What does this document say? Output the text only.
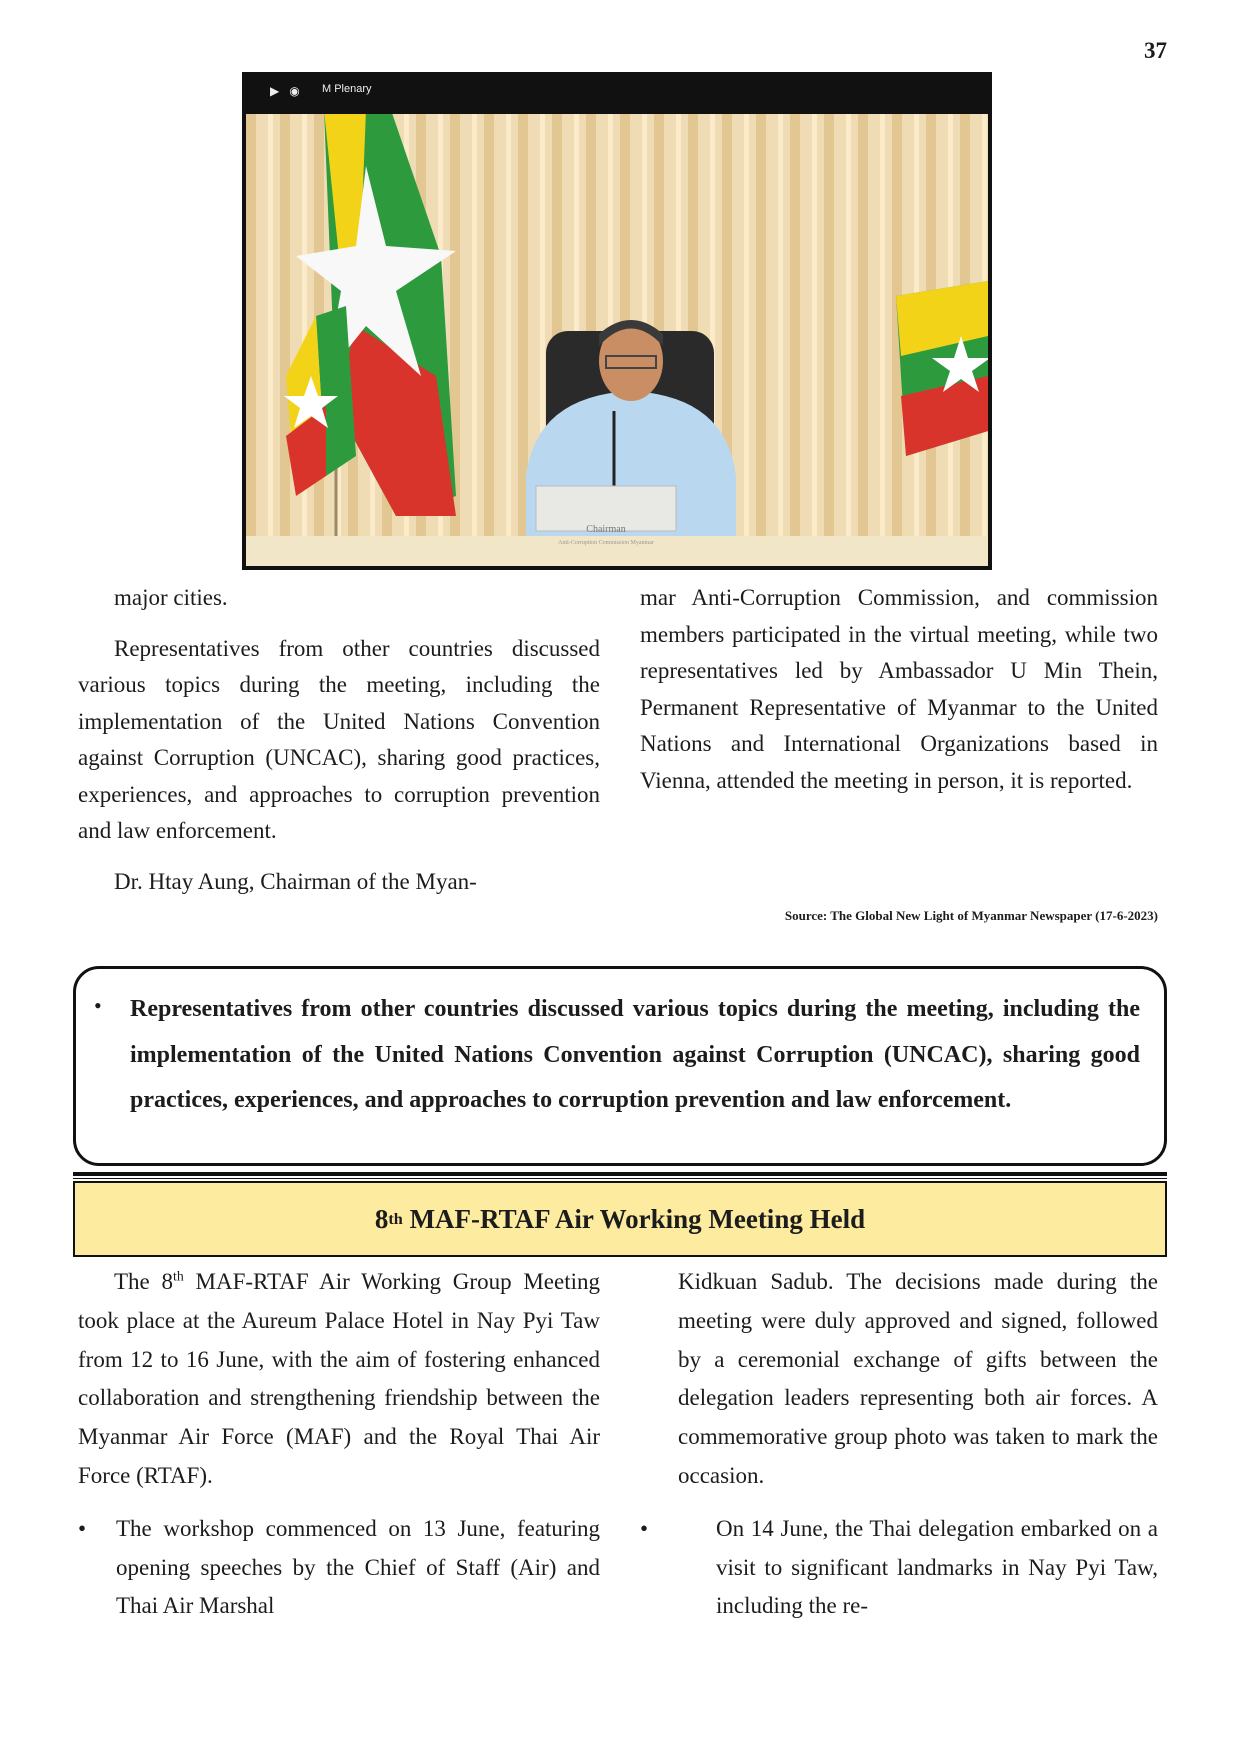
37
▶◉ M Plenary
Chairman
Anti-Corruption Commission Myanmar

major cities.

Representatives from other countries discussed various topics during the meeting, including the implementation of the United Nations Convention against Corruption (UNCAC), sharing good practices, experiences, and approaches to corruption prevention and law enforcement.

Dr. Htay Aung, Chairman of the Myan-

mar Anti-Corruption Commission, and commission members participated in the virtual meeting, while two representatives led by Ambassador U Min Thein, Permanent Representative of Myanmar to the United Nations and International Organizations based in Vienna, attended the meeting in person, it is reported.

Source: The Global New Light of Myanmar Newspaper (17-6-2023)
• Representatives from other countries discussed various topics during the meeting, including the implementation of the United Nations Convention against Corruption (UNCAC), sharing good practices, experiences, and approaches to corruption prevention and law enforcement.
8 th MAF-RTAF Air Working Meeting Held

The 8th MAF-RTAF Air Working Group Meeting took place at the Aureum Palace Hotel in Nay Pyi Taw from 12 to 16 June, with the aim of fostering enhanced collaboration and strengthening friendship between the Myanmar Air Force (MAF) and the Royal Thai Air Force (RTAF).

• The workshop commenced on 13 June, featuring opening speeches by the Chief of Staff (Air) and Thai Air Marshal

Kidkuan Sadub. The decisions made during the meeting were duly approved and signed, followed by a ceremonial exchange of gifts between the delegation leaders representing both air forces. A commemorative group photo was taken to mark the occasion.

•	On 14 June, the Thai delegation embarked on a visit to significant landmarks in Nay Pyi Taw, including the re-
